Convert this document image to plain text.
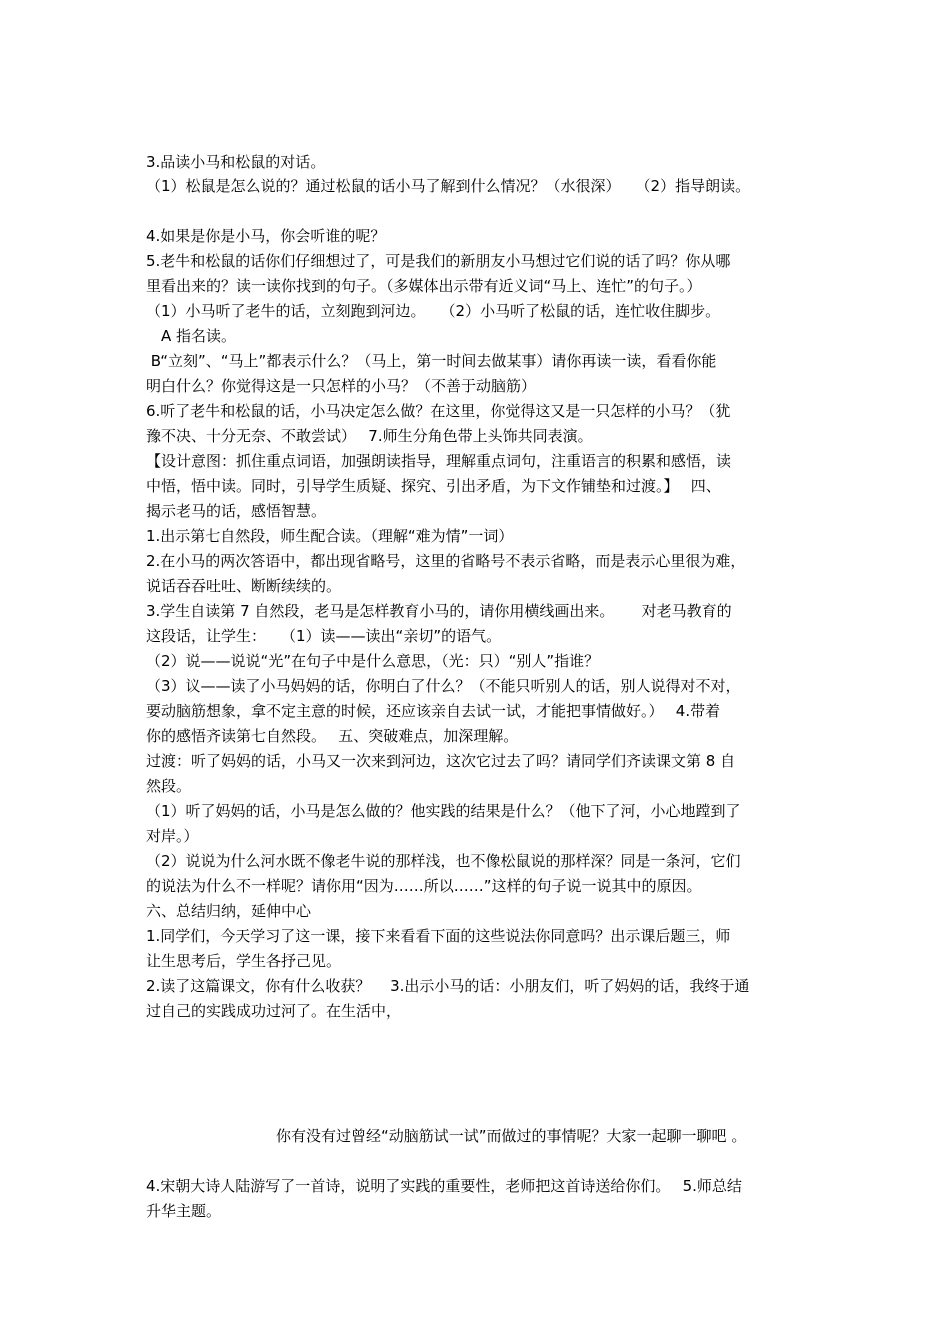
3.品读小马和松鼠的对话。
（1）松鼠是怎么说的？通过松鼠的话小马了解到什么情况？（水很深）　　（2）指导朗读。
4.如果是你是小马，你会听谁的呢？
5.老牛和松鼠的话你们仔细想过了，可是我们的新朋友小马想过它们说的话了吗？你从哪
里看出来的？读一读你找到的句子。（多媒体出示带有近义词“马上、连忙”的句子。）
（1）小马听了老牛的话，立刻跑到河边。　　（2）小马听了松鼠的话，连忙收住脚步。
　A 指名读。
B“立刻”、“马上”都表示什么？（马上，第一时间去做某事）请你再读一读，看看你能
明白什么？你觉得这是一只怎样的小马？（不善于动脑筋）
6.听了老牛和松鼠的话，小马决定怎么做？在这里，你觉得这又是一只怎样的小马？（犹
豫不决、十分无奈、不敢尝试）　 7.师生分角色带上头饰共同表演。
【设计意图：抓住重点词语，加强朗读指导，理解重点词句，注重语言的积累和感悟，读
中悟，悟中读。同时，引导学生质疑、探究、引出矛盾，为下文作铺垫和过渡。】　 四、
揭示老马的话，感悟智慧。
1.出示第七自然段，师生配合读。（理解“难为情”一词）
2.在小马的两次答语中，都出现省略号，这里的省略号不表示省略，而是表示心里很为难，
说话吞吞吐吐、断断续续的。
3.学生自读第 7 自然段，老马是怎样教育小马的，请你用横线画出来。　　 对老马教育的
这段话，让学生：　　（1）读——读出“亲切”的语气。
（2）说——说说“光”在句子中是什么意思，（光：只）“别人”指谁？
（3）议——读了小马妈妈的话，你明白了什么？（不能只听别人的话，别人说得对不对，
要动脑筋想象，拿不定主意的时候，还应该亲自去试一试，才能把事情做好。）　 4.带着
你的感悟齐读第七自然段。　 五、突破难点，加深理解。
过渡：听了妈妈的话，小马又一次来到河边，这次它过去了吗？请同学们齐读课文第 8 自
然段。
（1）听了妈妈的话，小马是怎么做的？他实践的结果是什么？（他下了河，小心地蹚到了
对岸。）
（2）说说为什么河水既不像老牛说的那样浅，也不像松鼠说的那样深？同是一条河，它们
的说法为什么不一样呢？请你用“因为……所以……”这样的句子说一说其中的原因。
六、总结归纳，延伸中心
1.同学们，今天学习了这一课，接下来看看下面的这些说法你同意吗？出示课后题三，师
让生思考后，学生各抒己见。
2.读了这篇课文，你有什么收获？　 3.出示小马的话：小朋友们，听了妈妈的话，我终于通
过自己的实践成功过河了。在生活中，
你有没有过曾经“动脑筋试一试”而做过的事情呢？大家一起聊一聊吧 。
4.宋朝大诗人陆游写了一首诗，说明了实践的重要性，老师把这首诗送给你们。　 5.师总结
升华主题。
